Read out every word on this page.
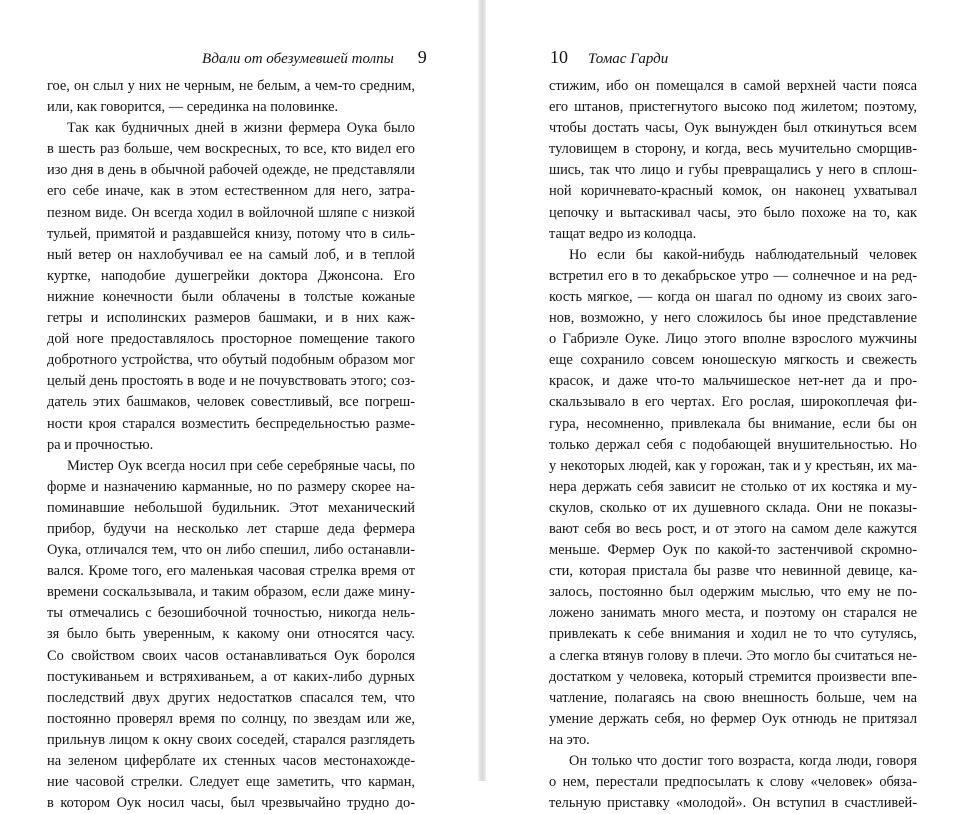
Вдали от обезумевшей толпы 9
гое, он слыл у них не черным, не белым, а чем-то средним,
или, как говорится, — серединка на половинке.
Так как будничных дней в жизни фермера Оука было
в шесть раз больше, чем воскресных, то все, кто видел его
изо дня в день в обычной рабочей одежде, не представляли
его себе иначе, как в этом естественном для него, затра-
пезном виде. Он всегда ходил в войлочной шляпе с низкой
тульей, примятой и раздавшейся книзу, потому что в силь-
ный ветер он нахлобучивал ее на самый лоб, и в теплой
куртке, наподобие душегрейки доктора Джонсона. Его
нижние конечности были облачены в толстые кожаные
гетры и исполинских размеров башмаки, и в них каж-
дой ноге предоставлялось просторное помещение такого
добротного устройства, что обутый подобным образом мог
целый день простоять в воде и не почувствовать этого; соз-
датель этих башмаков, человек совестливый, все погреш-
ности кроя старался возместить беспредельностью разме-
ра и прочностью.
Мистер Оук всегда носил при себе серебряные часы, по
форме и назначению карманные, но по размеру скорее на-
поминавшие небольшой будильник. Этот механический
прибор, будучи на несколько лет старше деда фермера
Оука, отличался тем, что он либо спешил, либо останавли-
вался. Кроме того, его маленькая часовая стрелка время от
времени соскальзывала, и таким образом, если даже мину-
ты отмечались с безошибочной точностью, никогда нель-
зя было быть уверенным, к какому они относятся часу.
Со свойством своих часов останавливаться Оук боролся
постукиваньем и встряхиваньем, а от каких-либо дурных
последствий двух других недостатков спасался тем, что
постоянно проверял время по солнцу, по звездам или же,
прильнув лицом к окну своих соседей, старался разглядеть
на зеленом циферблате их стенных часов местонахожде-
ние часовой стрелки. Следует еще заметить, что карман,
в котором Оук носил часы, был чрезвычайно трудно до-
10 Томас Гарди
стижим, ибо он помещался в самой верхней части пояса
его штанов, пристегнутого высоко под жилетом; поэтому,
чтобы достать часы, Оук вынужден был откинуться всем
туловищем в сторону, и когда, весь мучительно сморщив-
шись, так что лицо и губы превращались у него в сплош-
ной коричневато-красный комок, он наконец ухватывал
цепочку и вытаскивал часы, это было похоже на то, как
тащат ведро из колодца.
Но если бы какой-нибудь наблюдательный человек
встретил его в то декабрьское утро — солнечное и на ред-
кость мягкое, — когда он шагал по одному из своих заго-
нов, возможно, у него сложилось бы иное представление
о Габриэле Оуке. Лицо этого вполне взрослого мужчины
еще сохранило совсем юношескую мягкость и свежесть
красок, и даже что-то мальчишеское нет-нет да и про-
скальзывало в его чертах. Его рослая, широкоплечая фи-
гура, несомненно, привлекала бы внимание, если бы он
только держал себя с подобающей внушительностью. Но
у некоторых людей, как у горожан, так и у крестьян, их ма-
нера держать себя зависит не столько от их костяка и му-
скулов, сколько от их душевного склада. Они не показы-
вают себя во весь рост, и от этого на самом деле кажутся
меньше. Фермер Оук по какой-то застенчивой скромно-
сти, которая пристала бы разве что невинной девице, ка-
залось, постоянно был одержим мыслью, что ему не по-
ложено занимать много места, и поэтому он старался не
привлекать к себе внимания и ходил не то что сутулясь,
а слегка втянув голову в плечи. Это могло бы считаться не-
достатком у человека, который стремится произвести впе-
чатление, полагаясь на свою внешность больше, чем на
умение держать себя, но фермер Оук отнюдь не притязал
на это.
Он только что достиг того возраста, когда люди, говоря
о нем, перестали предпосылать к слову «человек» обяза-
тельную приставку «молодой». Он вступил в счастливей-
